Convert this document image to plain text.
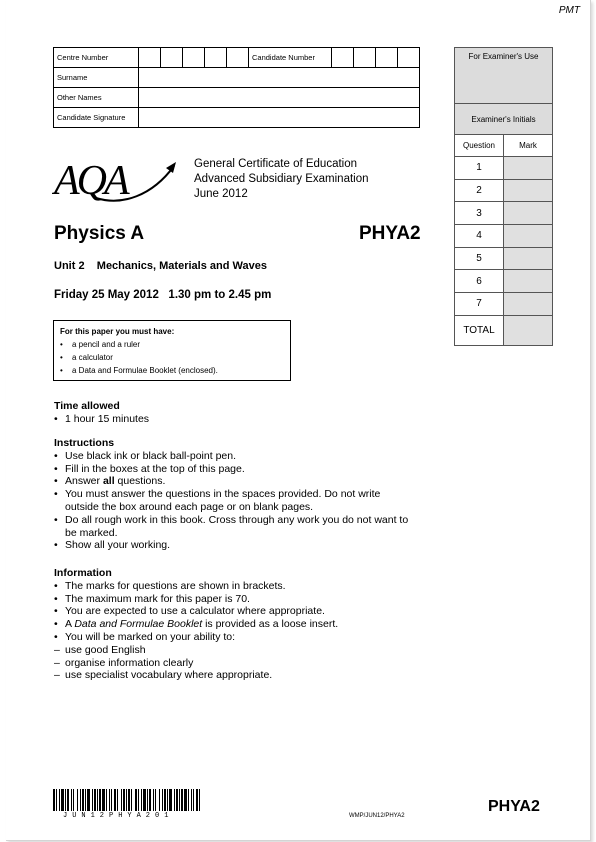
PMT
Centre Number						Candidate Number				
Surname										
Other Names										
Candidate Signature										
For Examiner's Use	
Examiner's Initials	
Question	Mark
1	
2	
3	
4	
5	
6	
7	
TOTAL	
AQA	General Certificate of Education
Advanced Subsidiary Examination
June 2012
Physics A	PHYA2
Unit 2    Mechanics, Materials and Waves
Friday 25 May 2012   1.30 pm to 2.45 pm
For this paper you must have:
• a pencil and a ruler
• a calculator
• a Data and Formulae Booklet (enclosed).
Time allowed
• 1 hour 15 minutes
Instructions
• Use black ink or black ball-point pen.
• Fill in the boxes at the top of this page.
• Answer all questions.
• You must answer the questions in the spaces provided. Do not write outside the box around each page or on blank pages.
• Do all rough work in this book. Cross through any work you do not want to be marked.
• Show all your working.
Information
• The marks for questions are shown in brackets.
• The maximum mark for this paper is 70.
• You are expected to use a calculator where appropriate.
• A Data and Formulae Booklet is provided as a loose insert.
• You will be marked on your ability to:
– use good English
– organise information clearly
– use specialist vocabulary where appropriate.
JUN12PHYA201	WMP/JUN12/PHYA2
PHYA2
